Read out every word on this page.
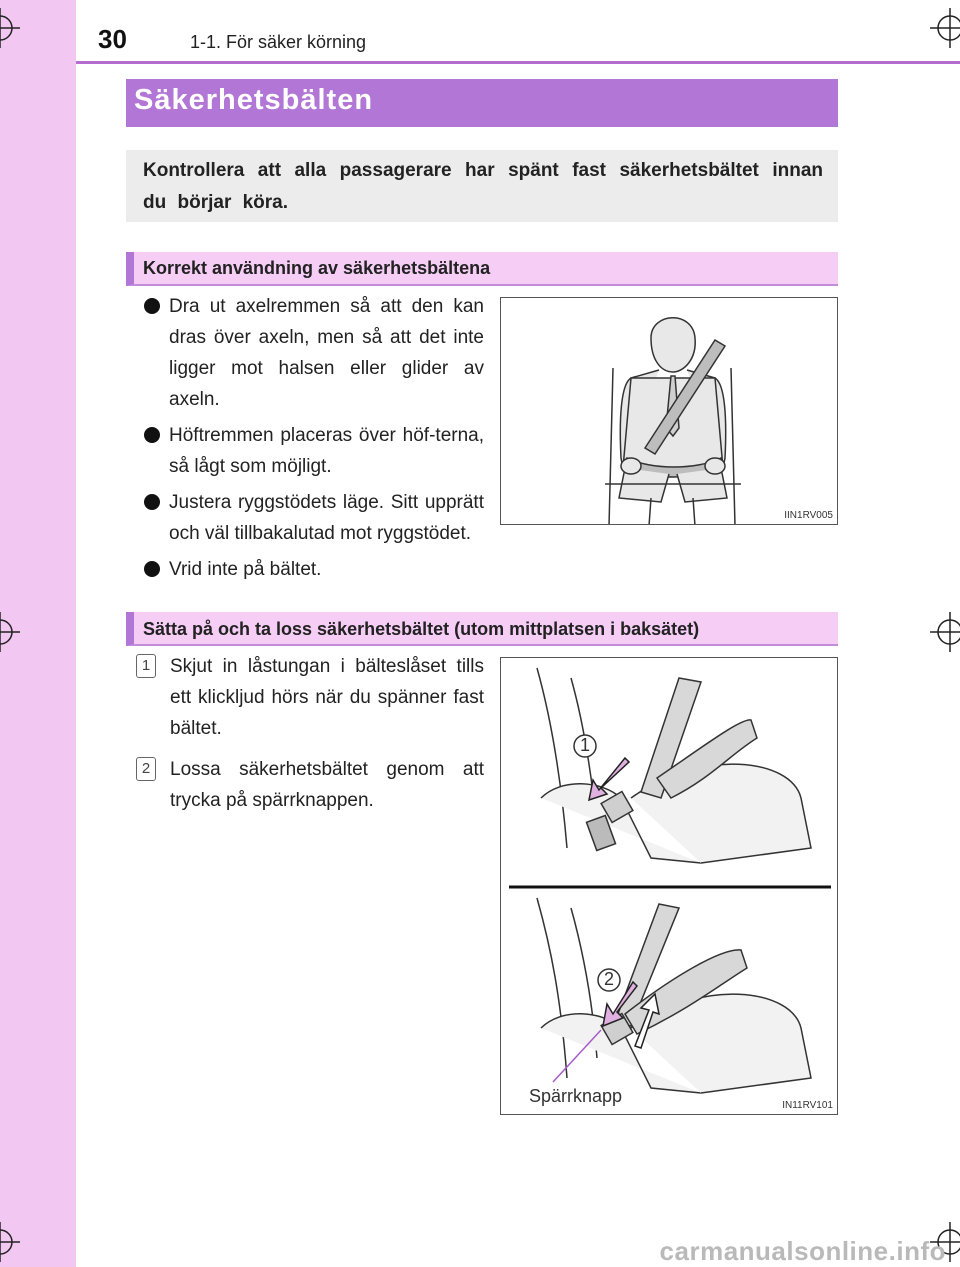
30	1-1. För säker körning
Säkerhetsbälten
Kontrollera att alla passagerare har spänt fast säkerhetsbältet innan du börjar köra.
Korrekt användning av säkerhetsbältena
Dra ut axelremmen så att den kan dras över axeln, men så att det inte ligger mot halsen eller glider av axeln.
Höftremmen placeras över höf-terna, så lågt som möjligt.
Justera ryggstödets läge. Sitt upprätt och väl tillbakalutad mot ryggstödet.
Vrid inte på bältet.
IIN1RV005
Sätta på och ta loss säkerhetsbältet (utom mittplatsen i baksätet)
1	Skjut in låstungan i bälteslåset tills ett klickljud hörs när du spänner fast bältet.
2	Lossa säkerhetsbältet genom att trycka på spärrknappen.
1
2
Spärrknapp	IN11RV101
carmanualsonline.info
